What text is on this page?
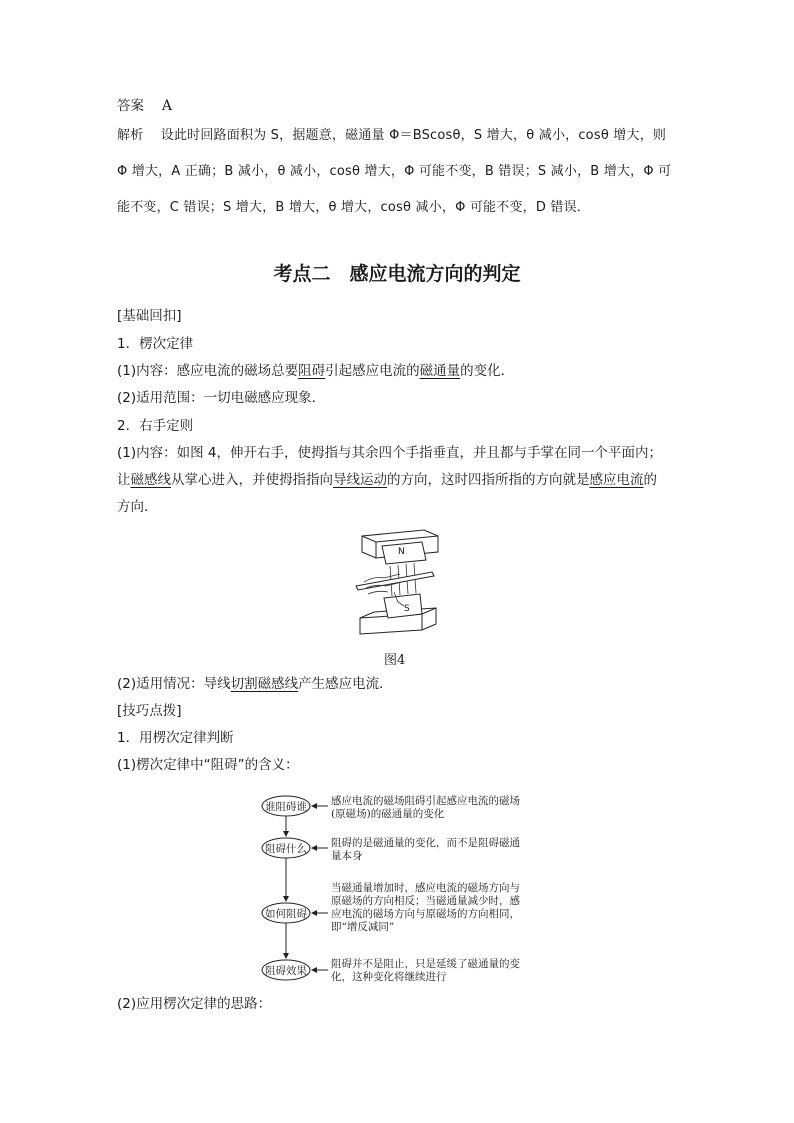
答案 A
解析 设此时回路面积为 S，据题意，磁通量 Φ＝BScosθ，S 增大，θ 减小，cosθ 增大，则
Φ 增大，A 正确；B 减小，θ 减小，cosθ 增大，Φ 可能不变，B 错误；S 减小，B 增大，Φ 可
能不变，C 错误；S 增大，B 增大，θ 增大，cosθ 减小，Φ 可能不变，D 错误．
考点二　感应电流方向的判定
[基础回扣]
1．楞次定律
(1)内容：感应电流的磁场总要阻碍引起感应电流的磁通量的变化．
(2)适用范围：一切电磁感应现象．
2．右手定则
(1)内容：如图 4，伸开右手，使拇指与其余四个手指垂直，并且都与手掌在同一个平面内；
让磁感线从掌心进入，并使拇指指向导线运动的方向，这时四指所指的方向就是感应电流的
方向．
N
S
图4
(2)适用情况：导线切割磁感线产生感应电流．
[技巧点拨]
1．用楞次定律判断
(1)楞次定律中“阻碍”的含义：
谁阻碍谁
阻碍什么
如何阻碍
阻碍效果
感应电流的磁场阻碍引起感应电流的磁场
(原磁场)的磁通量的变化
阻碍的是磁通量的变化，而不是阻碍磁通
量本身
当磁通量增加时，感应电流的磁场方向与
原磁场的方向相反；当磁通量减少时，感
应电流的磁场方向与原磁场的方向相同，
即“增反减同”
阻碍并不是阻止，只是延缓了磁通量的变
化，这种变化将继续进行
(2)应用楞次定律的思路：
